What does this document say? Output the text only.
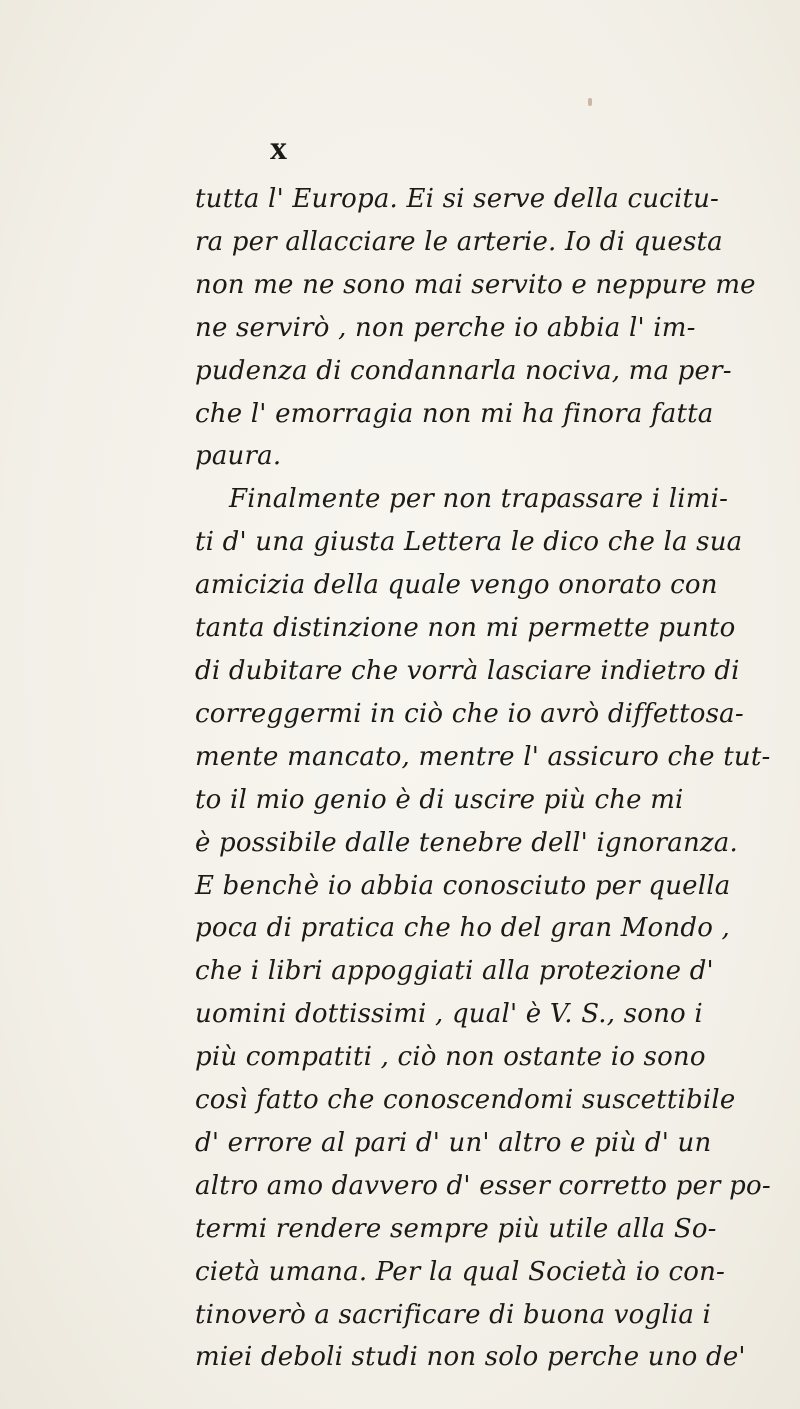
x
tutta l' Europa. Ei si serve della cucitu-
ra per allacciare le arterie. Io di questa
non me ne sono mai servito e neppure me
ne servirò , non perche io abbia l' im-
pudenza di condannarla nociva, ma per-
che l' emorragia non mi ha finora fatta
paura.
Finalmente per non trapassare i limi-
ti d' una giusta Lettera le dico che la sua
amicizia della quale vengo onorato con
tanta distinzione non mi permette punto
di dubitare che vorrà lasciare indietro di
correggermi in ciò che io avrò diffettosa-
mente mancato, mentre l' assicuro che tut-
to il mio genio è di uscire più che mi
è possibile dalle tenebre dell' ignoranza.
E benchè io abbia conosciuto per quella
poca di pratica che ho del gran Mondo ,
che i libri appoggiati alla protezione d'
uomini dottissimi , qual' è V. S., sono i
più compatiti , ciò non ostante io sono
così fatto che conoscendomi suscettibile
d' errore al pari d' un' altro e più d' un
altro amo davvero d' esser corretto per po-
termi rendere sempre più utile alla So-
cietà umana. Per la qual Società io con-
tinoverò a sacrificare di buona voglia i
miei deboli studi non solo perche uno de'
